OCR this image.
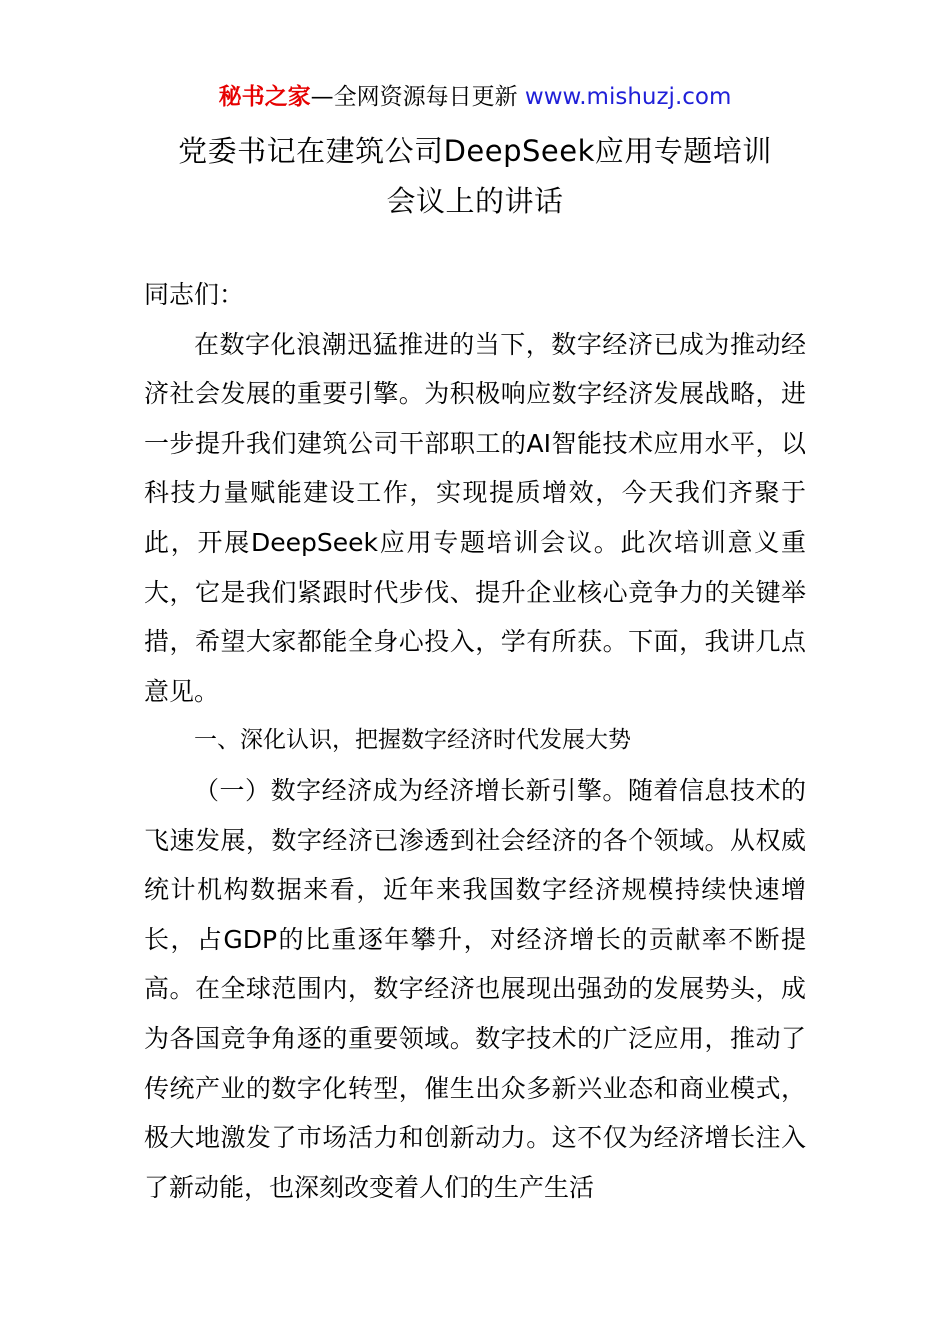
秘书之家—全网资源每日更新 www.mishuzj.com
党委书记在建筑公司DeepSeek应用专题培训
会议上的讲话

同志们：

在数字化浪潮迅猛推进的当下，数字经济已成为推动经济社会发展的重要引擎。为积极响应数字经济发展战略，进一步提升我们建筑公司干部职工的AI智能技术应用水平，以科技力量赋能建设工作，实现提质增效，今天我们齐聚于此，开展DeepSeek应用专题培训会议。此次培训意义重大，它是我们紧跟时代步伐、提升企业核心竞争力的关键举措，希望大家都能全身心投入，学有所获。下面，我讲几点意见。

一、深化认识，把握数字经济时代发展大势

（一）数字经济成为经济增长新引擎。随着信息技术的飞速发展，数字经济已渗透到社会经济的各个领域。从权威统计机构数据来看，近年来我国数字经济规模持续快速增长，占GDP的比重逐年攀升，对经济增长的贡献率不断提高。在全球范围内，数字经济也展现出强劲的发展势头，成为各国竞争角逐的重要领域。数字技术的广泛应用，推动了传统产业的数字化转型，催生出众多新兴业态和商业模式，极大地激发了市场活力和创新动力。这不仅为经济增长注入了新动能，也深刻改变着人们的生产生活
